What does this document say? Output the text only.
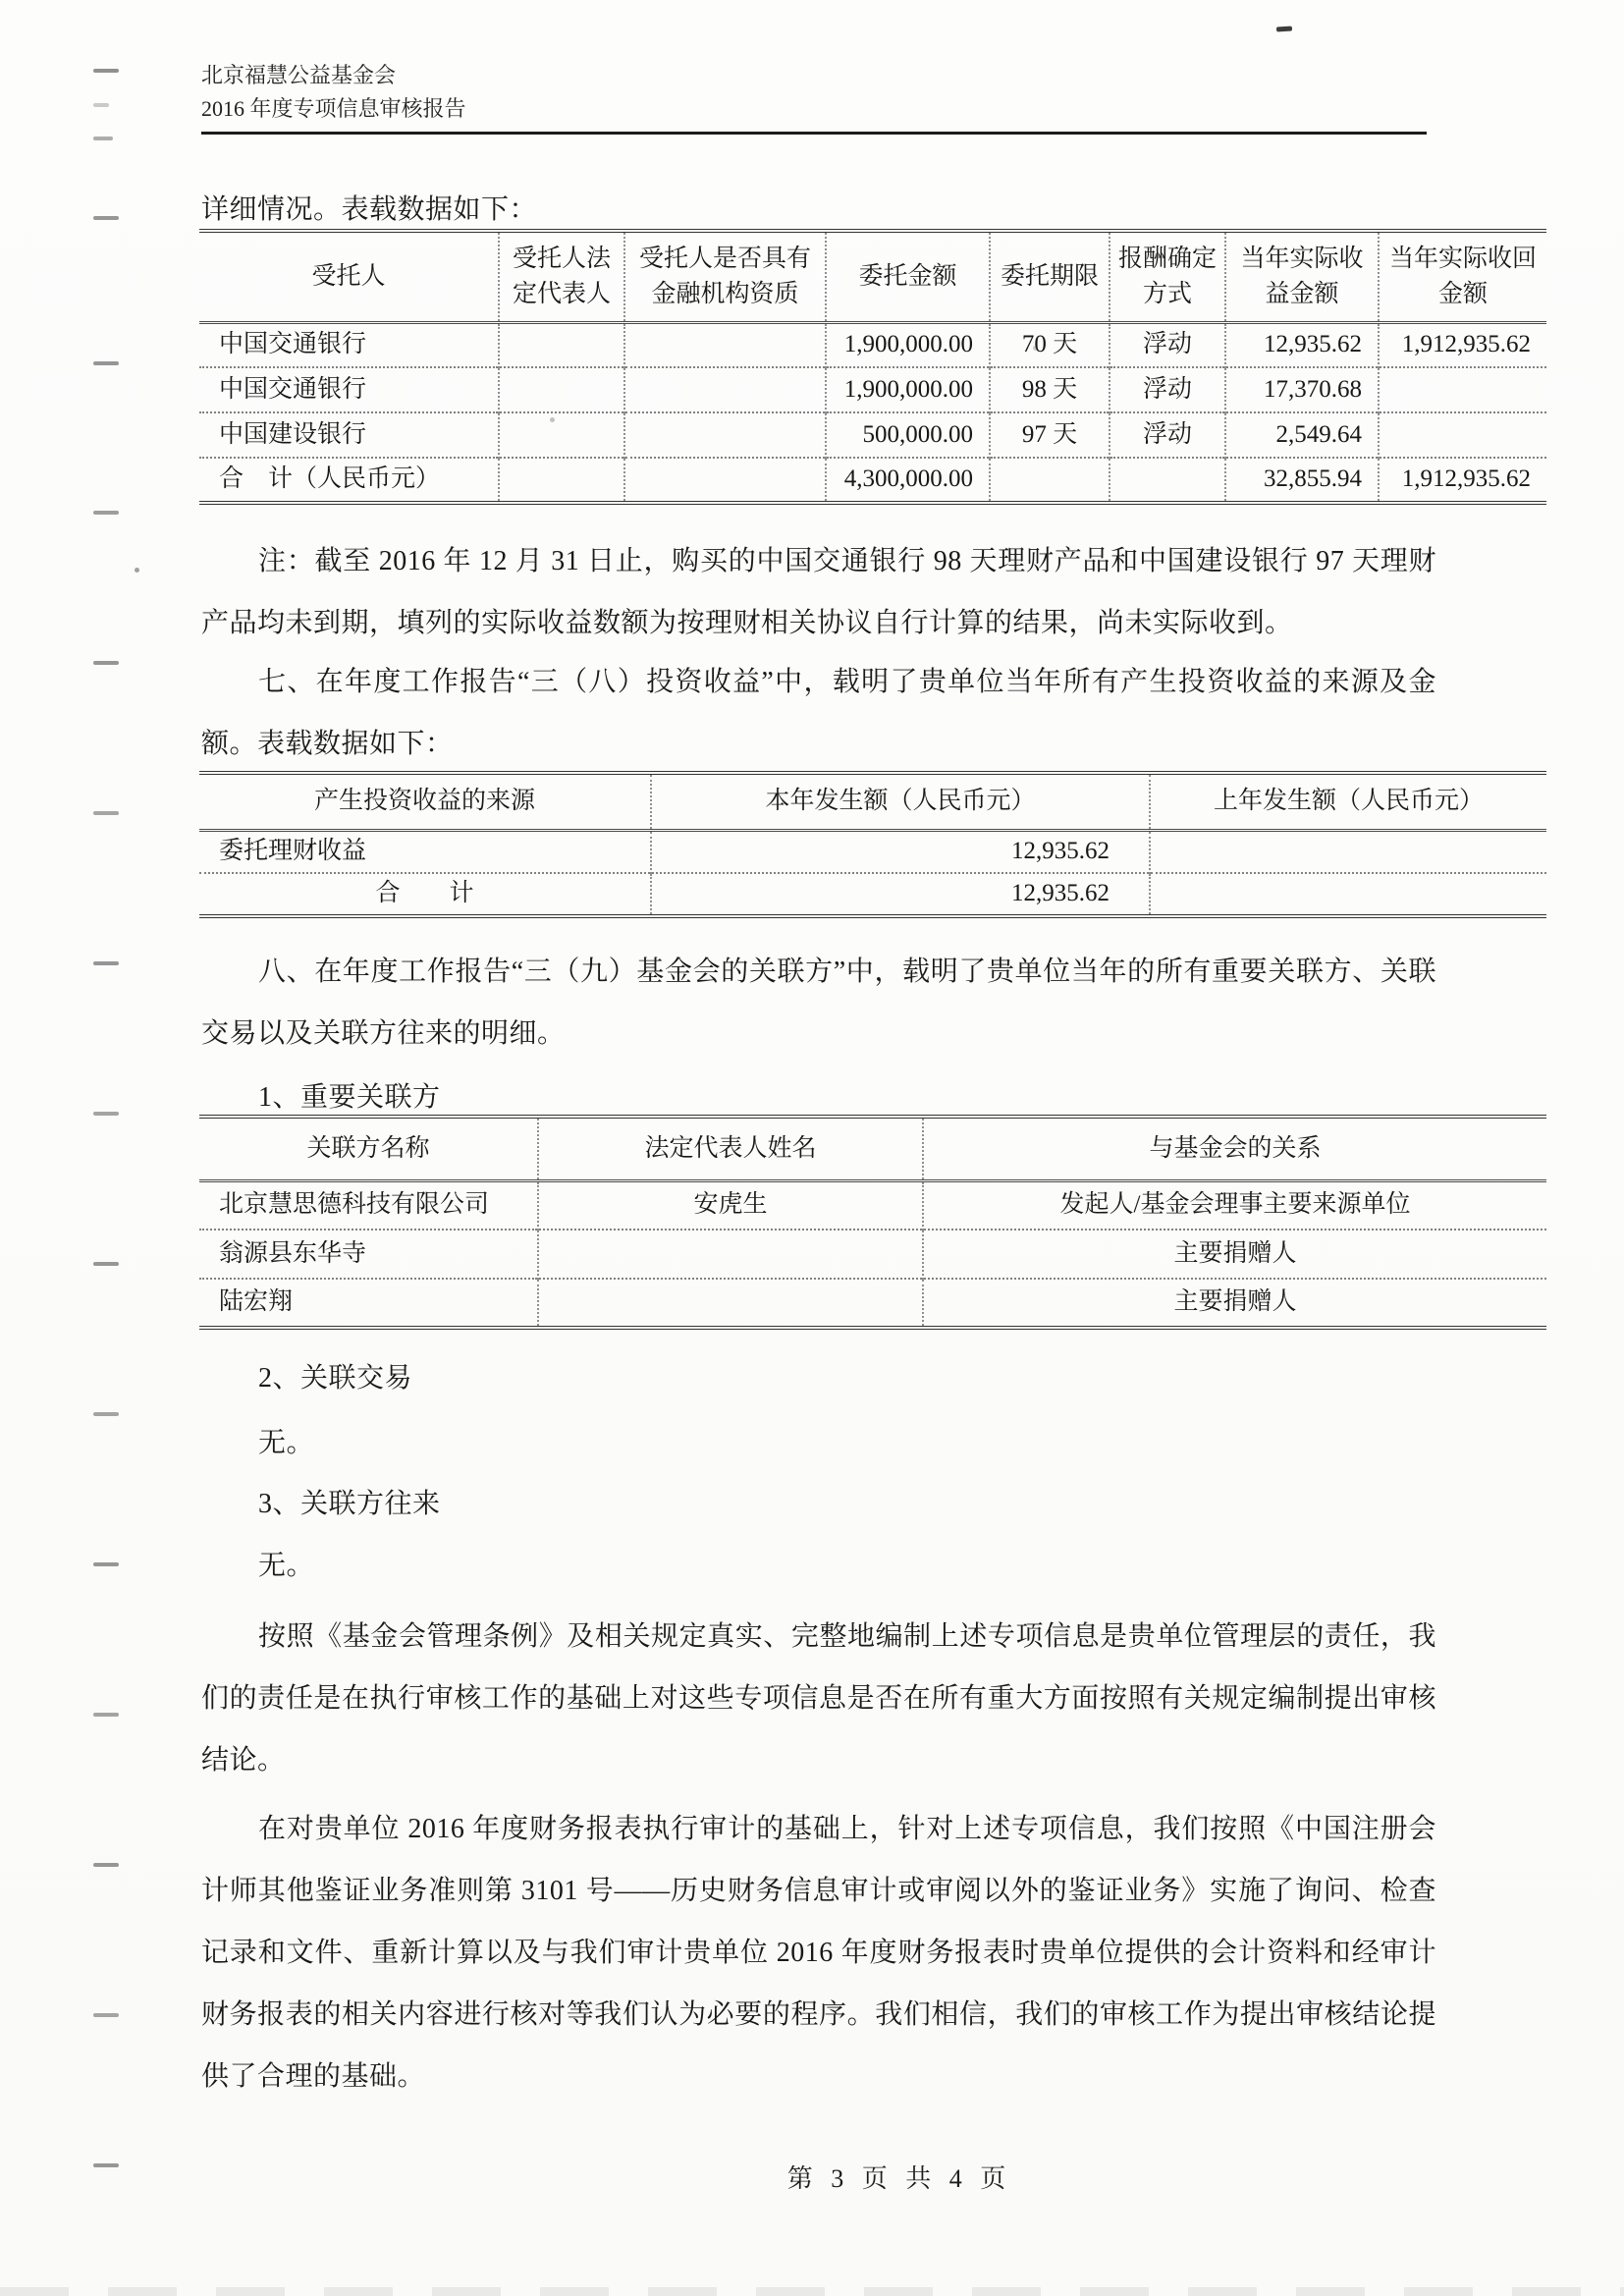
北京福慧公益基金会
2016 年度专项信息审核报告
详细情况。表载数据如下：
受托人	受托人法定代表人	受托人是否具有金融机构资质	委托金额	委托期限	报酬确定方式	当年实际收益金额	当年实际收回金额
中国交通银行			1,900,000.00	70 天	浮动	12,935.62	1,912,935.62
中国交通银行			1,900,000.00	98 天	浮动	17,370.68	
中国建设银行			500,000.00	97 天	浮动	2,549.64	
合　计（人民币元）			4,300,000.00			32,855.94	1,912,935.62
注：截至 2016 年 12 月 31 日止，购买的中国交通银行 98 天理财产品和中国建设银行 97 天理财产品均未到期，填列的实际收益数额为按理财相关协议自行计算的结果，尚未实际收到。
七、在年度工作报告“三（八）投资收益”中，载明了贵单位当年所有产生投资收益的来源及金额。表载数据如下：
产生投资收益的来源	本年发生额（人民币元）	上年发生额（人民币元）
委托理财收益	12,935.62	
合　　计	12,935.62	
八、在年度工作报告“三（九）基金会的关联方”中，载明了贵单位当年的所有重要关联方、关联交易以及关联方往来的明细。
1、重要关联方
关联方名称	法定代表人姓名	与基金会的关系
北京慧思德科技有限公司	安虎生	发起人/基金会理事主要来源单位
翁源县东华寺		主要捐赠人
陆宏翔		主要捐赠人
2、关联交易
无。
3、关联方往来
无。
按照《基金会管理条例》及相关规定真实、完整地编制上述专项信息是贵单位管理层的责任，我们的责任是在执行审核工作的基础上对这些专项信息是否在所有重大方面按照有关规定编制提出审核结论。
在对贵单位 2016 年度财务报表执行审计的基础上，针对上述专项信息，我们按照《中国注册会计师其他鉴证业务准则第 3101 号——历史财务信息审计或审阅以外的鉴证业务》实施了询问、检查记录和文件、重新计算以及与我们审计贵单位 2016 年度财务报表时贵单位提供的会计资料和经审计财务报表的相关内容进行核对等我们认为必要的程序。我们相信，我们的审核工作为提出审核结论提供了合理的基础。
第 3 页 共 4 页
